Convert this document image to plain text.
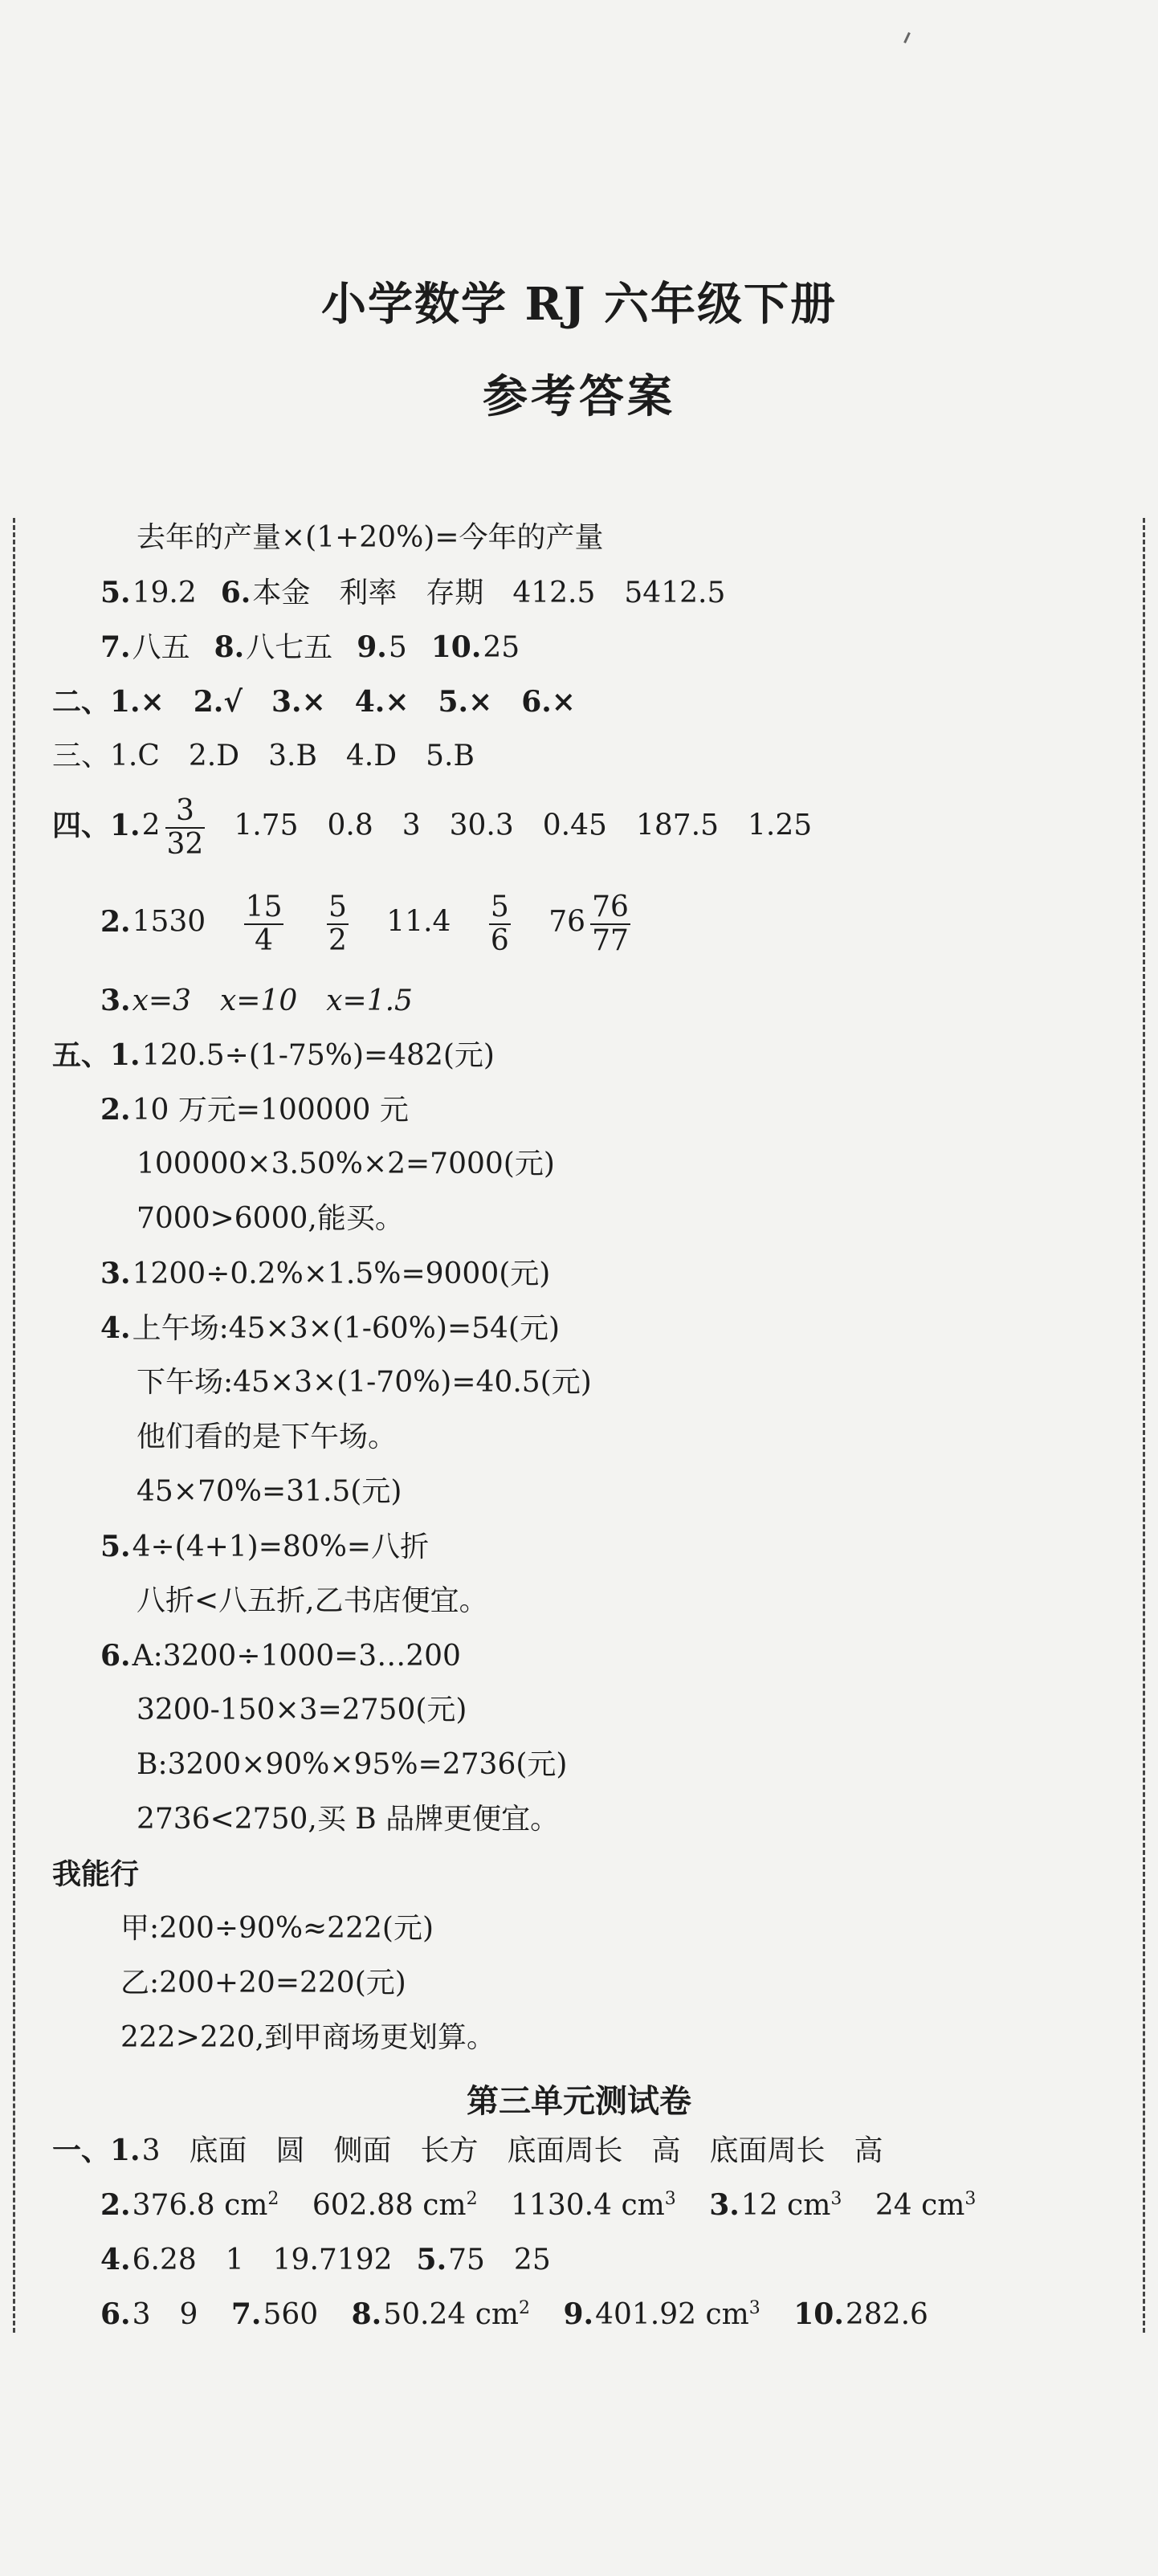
小学数学 RJ 六年级下册
参考答案
去年的产量×(1+20%)=今年的产量
5.19.2 6.本金　利率　存期　412.5　5412.5
7.八五 8.八七五 9.5 10.25
二、1.×　2.√　3.×　4.×　5.×　6.×
三、1.C　2.D　3.B　4.D　5.B
四、$1.2 \frac{3}{32} 1.75$　0.8　3　30.3　0.45　187.5　1.25
$2.1530 \frac{15}{4}$
$\frac{5}{2} 11.4 \frac{5}{6} 76 \frac{76}{77}$
3.x=3　x=10　x=1.5
五、1.120.5÷(1-75%)=482(元)
2.10 万元=100000 元
100000×3.50%×2=7000(元)
7000>6000,能买。
3.1200÷0.2%×1.5%=9000(元)
4.上午场:45×3×(1-60%)=54(元)
下午场:45×3×(1-70%)=40.5(元)
他们看的是下午场。
45×70%=31.5(元)
5.4÷(4+1)=80%=八折
八折<八五折,乙书店便宜。
6.A:3200÷1000=3…200
3200-150×3=2750(元)
B:3200×90%×95%=2736(元)
2736<2750,买 B 品牌更便宜。
我能行
甲:200÷90%≈222(元)
乙:200+20=220(元)
222>220,到甲商场更划算。
第三单元测试卷
一、1.3　底面　圆　侧面　长方　底面周长　高　底面周长　高
2.376.8 $cm^2$ 602.88 $cm^2$ 1130.4 $cm^3$ 3.12 $cm^3$ 24 $cm^3$
4.6.28　1　19.7192 5.75　25
6.3　9 7.560 8.50.24 $cm^2$ 9.401.92 $cm^3$ 10.282.6
